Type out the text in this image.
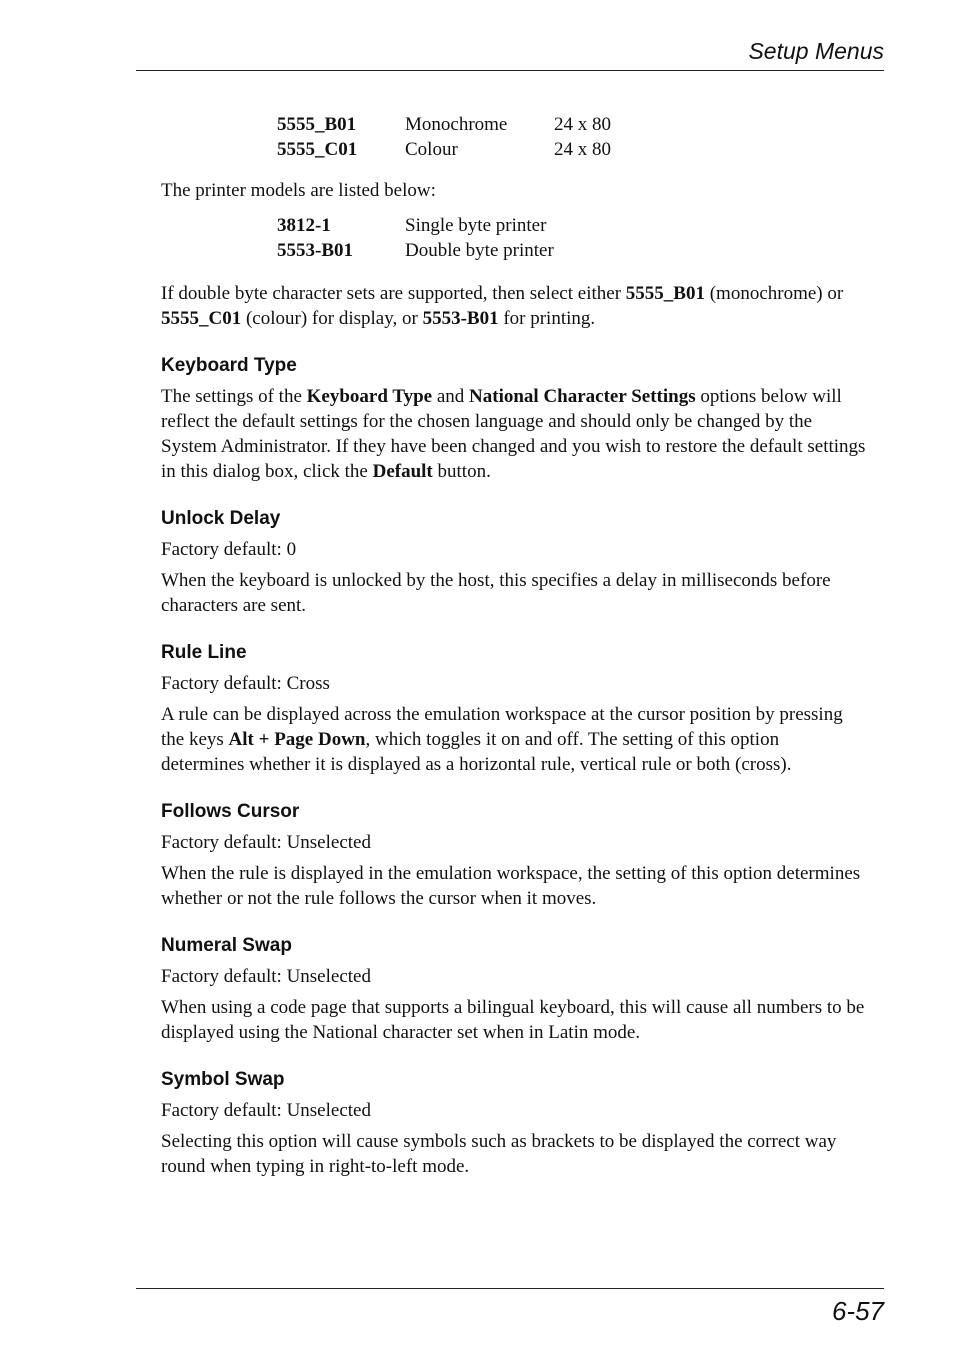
Setup Menus
5555_B01	Monochrome	24 x 80
5555_C01	Colour	24 x 80

The printer models are listed below:

3812-1	Single byte printer
5553-B01	Double byte printer

If double byte character sets are supported, then select either 5555_B01 (monochrome) or 5555_C01 (colour) for display, or 5553-B01 for printing.

Keyboard Type

The settings of the Keyboard Type and National Character Settings options below will reflect the default settings for the chosen language and should only be changed by the System Administrator. If they have been changed and you wish to restore the default settings in this dialog box, click the Default button.

Unlock Delay

Factory default: 0

When the keyboard is unlocked by the host, this specifies a delay in milliseconds before characters are sent.

Rule Line

Factory default: Cross

A rule can be displayed across the emulation workspace at the cursor position by pressing the keys Alt + Page Down, which toggles it on and off. The setting of this option determines whether it is displayed as a horizontal rule, vertical rule or both (cross).

Follows Cursor

Factory default: Unselected

When the rule is displayed in the emulation workspace, the setting of this option determines whether or not the rule follows the cursor when it moves.

Numeral Swap

Factory default: Unselected

When using a code page that supports a bilingual keyboard, this will cause all numbers to be displayed using the National character set when in Latin mode.

Symbol Swap

Factory default: Unselected

Selecting this option will cause symbols such as brackets to be displayed the correct way round when typing in right-to-left mode.

6-57
